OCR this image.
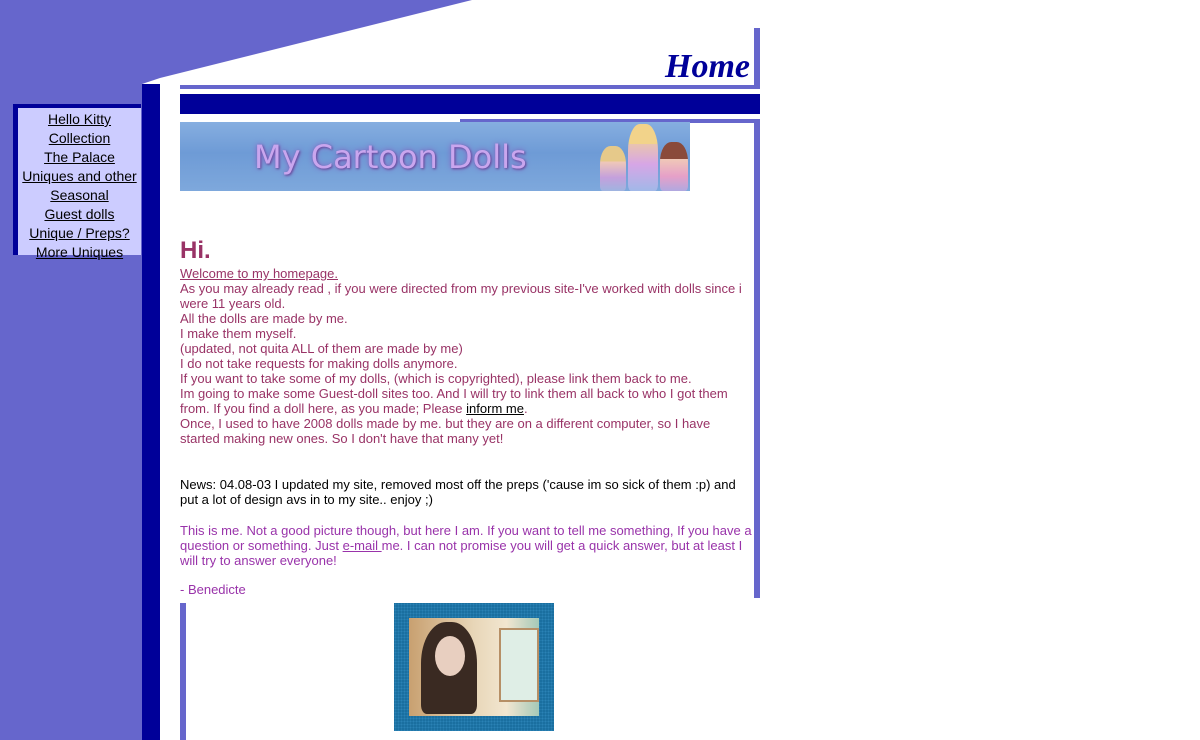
Hello Kitty Collection
The Palace
Uniques and other
Seasonal
Guest dolls
Unique / Preps?
More Uniques
Home
My Cartoon Dolls
Hi.
Welcome to my homepage.
As you may already read , if you were directed from my previous site-I've worked with dolls since i were 11 years old.
All the dolls are made by me.
I make them myself.
(updated, not quita ALL of them are made by me)
I do not take requests for making dolls anymore.
If you want to take some of my dolls, (which is copyrighted), please link them back to me.
Im going to make some Guest-doll sites too. And I will try to link them all back to who I got them from. If you find a doll here, as you made; Please inform me.
Once, I used to have 2008 dolls made by me. but they are on a different computer, so I have started making new ones. So I don't have that many yet!
News: 04.08-03 I updated my site, removed most off the preps ('cause im so sick of them :p) and put a lot of design avs in to my site.. enjoy ;)
This is me. Not a good picture though, but here I am. If you want to tell me something, If you have a question or something. Just e-mail me. I can not promise you will get a quick answer, but at least I will try to answer everyone!
- Benedicte
